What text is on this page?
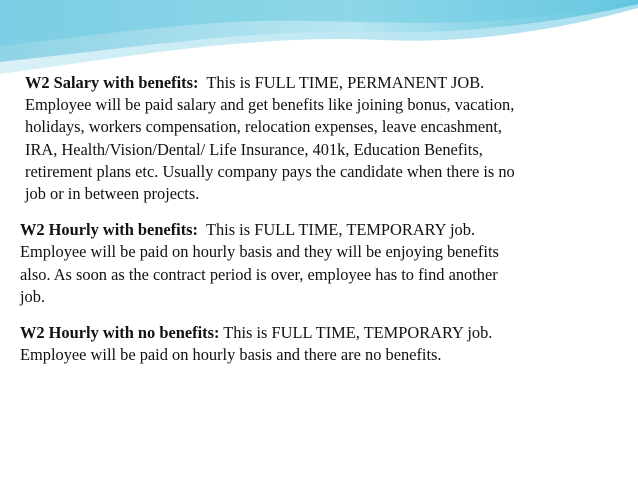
W2 Salary with benefits: This is FULL TIME, PERMANENT JOB.
Employee will be paid salary and get benefits like joining bonus, vacation,
holidays, workers compensation, relocation expenses, leave encashment,
IRA, Health/Vision/Dental/ Life Insurance, 401k, Education Benefits,
retirement plans etc. Usually company pays the candidate when there is no
job or in between projects.

W2 Hourly with benefits: This is FULL TIME, TEMPORARY job.
Employee will be paid on hourly basis and they will be enjoying benefits
also. As soon as the contract period is over, employee has to find another
job.

W2 Hourly with no benefits: This is FULL TIME, TEMPORARY job.
Employee will be paid on hourly basis and there are no benefits.
